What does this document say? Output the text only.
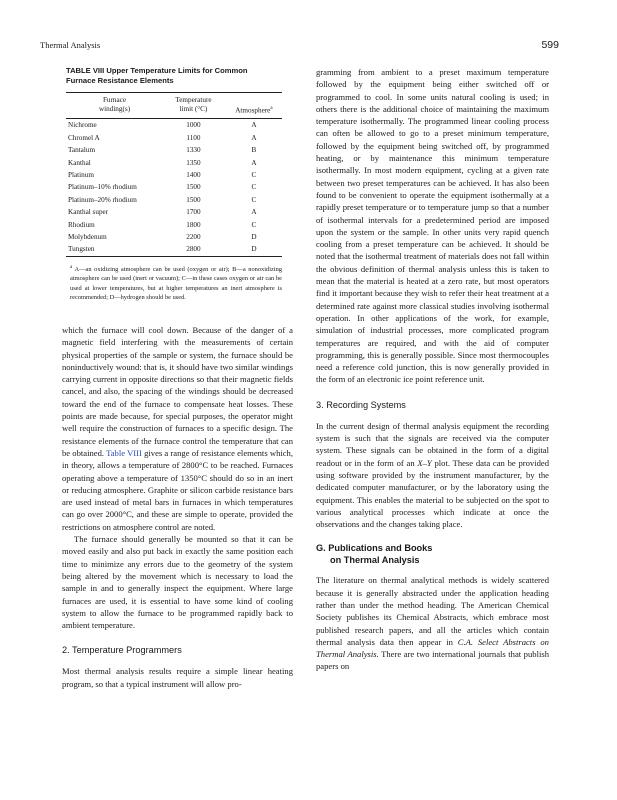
Thermal Analysis	599
TABLE VIII Upper Temperature Limits for Common
Furnace Resistance Elements
Furnace
winding(s)	Temperature
limit (°C)	Atmosphere$^a$
Nichrome	1000	A
Chromel A	1100	A
Tantalum	1330	B
Kanthal	1350	A
Platinum	1400	C
Platinum–10% rhodium	1500	C
Platinum–20% rhodium	1500	C
Kanthal super	1700	A
Rhodium	1800	C
Molybdenum	2200	D
Tungsten	2800	D
$^a$ A—an oxidizing atmosphere can be used (oxygen or air); B—a nonoxidizing atmosphere can be used (inert or vacuum); C—in these cases oxygen or air can be used at lower temperatures, but at higher temperatures an inert atmosphere is recommended; D—hydrogen should be used.

which the furnace will cool down. Because of the danger of a magnetic field interfering with the measurements of certain physical properties of the sample or system, the furnace should be noninductively wound: that is, it should have two similar windings carrying current in opposite directions so that their magnetic fields cancel, and also, the spacing of the windings should be decreased toward the end of the furnace to compensate heat losses. These points are made because, for special purposes, the operator might well require the construction of furnaces to a specific design. The resistance elements of the furnace control the temperature that can be obtained. Table VIII gives a range of resistance elements which, in theory, allows a temperature of 2800°C to be reached. Furnaces operating above a temperature of 1350°C should do so in an inert or reducing atmosphere. Graphite or silicon carbide resistance bars are used instead of metal bars in furnaces in which temperatures can go over 2000°C, and these are simple to operate, provided the restrictions on atmosphere control are noted.

The furnace should generally be mounted so that it can be moved easily and also put back in exactly the same position each time to minimize any errors due to the geometry of the system being altered by the movement which is necessary to load the sample in and to generally inspect the equipment. Where large furnaces are used, it is essential to have some kind of cooling system to allow the furnace to be programmed rapidly back to ambient temperature.

2. Temperature Programmers

Most thermal analysis results require a simple linear heating program, so that a typical instrument will allow pro-

gramming from ambient to a preset maximum temperature followed by the equipment being either switched off or programmed to cool. In some units natural cooling is used; in others there is the additional choice of maintaining the maximum temperature isothermally. The programmed linear cooling process can often be allowed to go to a preset minimum temperature, followed by the equipment being switched off, by programmed heating, or by maintenance this minimum temperature isothermally. In most modern equipment, cycling at a given rate between two preset temperatures can be achieved. It has also been found to be convenient to operate the equipment isothermally at a rapidly preset temperature or to temperature jump so that a number of isothermal intervals for a predetermined period are imposed upon the system or the sample. In other units very rapid quench cooling from a preset temperature can be achieved. It should be noted that the isothermal treatment of materials does not fall within the obvious definition of thermal analysis unless this is taken to mean that the material is heated at a zero rate, but most operators find it important because they wish to refer their heat treatment at a determined rate against more classical studies involving isothermal operation. In other applications of the work, for example, simulation of industrial processes, more complicated program temperatures are required, and with the aid of computer programming, this is generally possible. Since most thermocouples need a reference cold junction, this is now generally provided in the form of an electronic ice point reference unit.

3. Recording Systems

In the current design of thermal analysis equipment the recording system is such that the signals are received via the computer system. These signals can be obtained in the form of a digital readout or in the form of an X–Y plot. These data can be provided using software provided by the instrument manufacturer, by the dedicated computer manufacturer, or by the laboratory using the equipment. This enables the material to be subjected on the spot to various analytical processes which indicate at once the observations and the changes taking place.

G. Publications and Books
on Thermal Analysis

The literature on thermal analytical methods is widely scattered because it is generally abstracted under the application heading rather than under the method heading. The American Chemical Society publishes its Chemical Abstracts, which embrace most published research papers, and all the articles which contain thermal analysis data then appear in C.A. Select Abstracts on Thermal Analysis. There are two international journals that publish papers on
